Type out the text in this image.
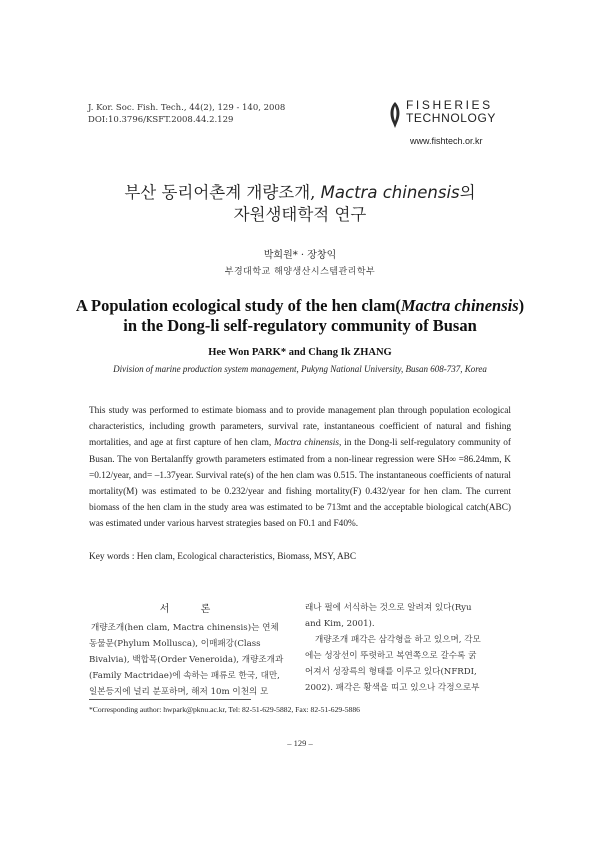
J. Kor. Soc. Fish. Tech., 44(2), 129 - 140, 2008
DOI:10.3796/KSFT.2008.44.2.129
FISHERIES
TECHNOLOGY
www.fishtech.or.kr
부산 동리어촌계 개량조개, Mactra chinensis의
자원생태학적 연구
박희원* · 장창익
부경대학교 해양생산시스템관리학부
A Population ecological study of the hen clam(Mactra chinensis)
in the Dong-li self-regulatory community of Busan
Hee Won PARK* and Chang Ik ZHANG
Division of marine production system management, Pukyng National University, Busan 608-737, Korea

This study was performed to estimate biomass and to provide management plan through population ecological characteristics, including growth parameters, survival rate, instantaneous coefficient of natural and fishing mortalities, and age at first capture of hen clam, Mactra chinensis, in the Dong-li self-regulatory community of Busan. The von Bertalanffy growth parameters estimated from a non-linear regression were SH∞ =86.24mm, K =0.12/year, and= –1.37year. Survival rate(s) of the hen clam was 0.515. The instantaneous coefficients of natural mortality(M) was estimated to be 0.232/year and fishing mortality(F) 0.432/year for hen clam. The current biomass of the hen clam in the study area was estimated to be 713mt and the acceptable biological catch(ABC) was estimated under various harvest strategies based on F0.1 and F40%.

Key words : Hen clam, Ecological characteristics, Biomass, MSY, ABC
서 론
개량조개(hen clam, Mactra chinensis)는 연체
동물문(Phylum Mollusca), 이매패강(Class
Bivalvia), 백합목(Order Veneroida), 개량조개과
(Family Mactridae)에 속하는 패류로 한국, 대만,
일본등지에 널리 분포하며, 해저 10m 이천의 모
래나 펄에 서식하는 것으로 알려져 있다(Ryu
and Kim, 2001).
개량조개 패각은 삼각형을 하고 있으며, 각모
에는 성장선이 뚜렷하고 복연쪽으로 갈수록 굵
어져서 성장륵의 형태를 이루고 있다(NFRDI,
2002). 패각은 황색을 띠고 있으나 각정으로부
*Corresponding author: hwpark@pknu.ac.kr, Tel: 82-51-629-5882, Fax: 82-51-629-5886
– 129 –
